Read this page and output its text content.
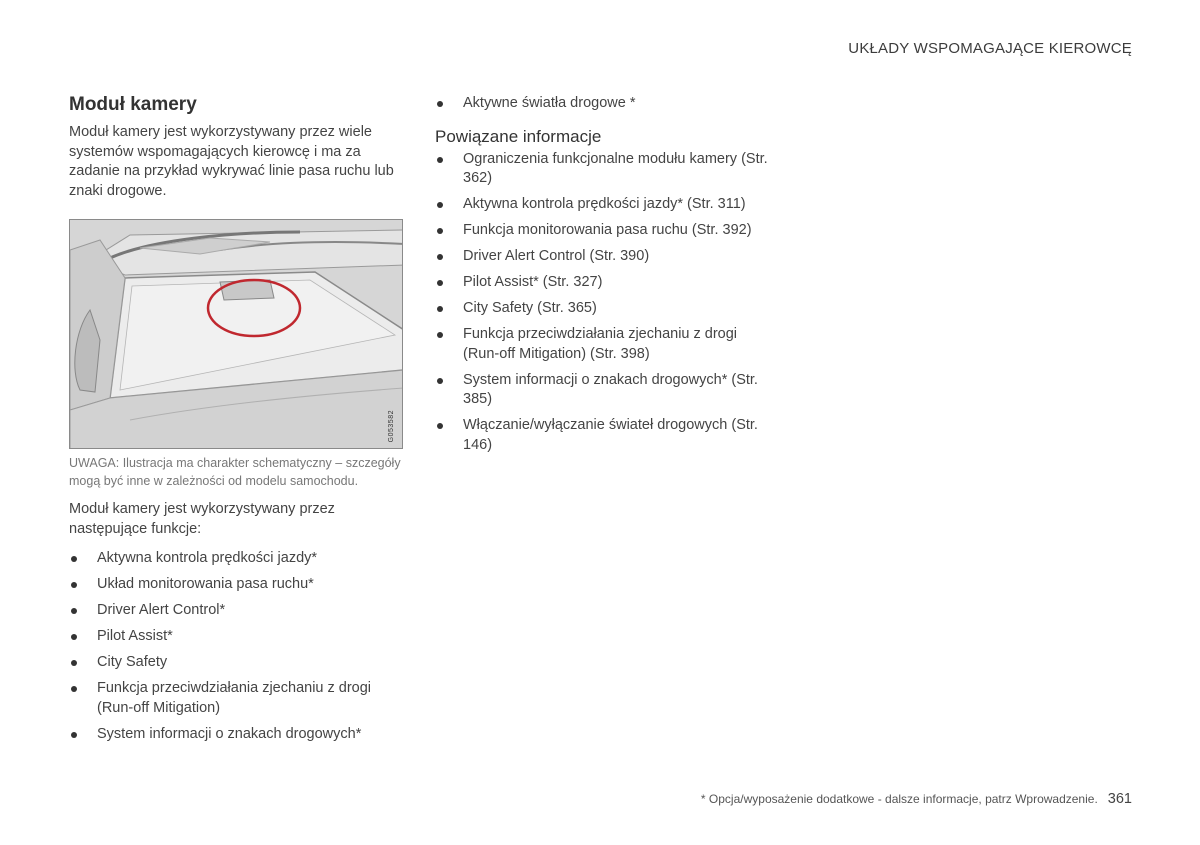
UKŁADY WSPOMAGAJĄCE KIEROWCĘ
Moduł kamery

Moduł kamery jest wykorzystywany przez wiele systemów wspomagających kierowcę i ma za zadanie na przykład wykrywać linie pasa ruchu lub znaki drogowe.

G053582

UWAGA: Ilustracja ma charakter schematyczny – szczegóły mogą być inne w zależności od modelu samochodu.

Moduł kamery jest wykorzystywany przez następujące funkcje:

Aktywna kontrola prędkości jazdy*
Układ monitorowania pasa ruchu*
Driver Alert Control*
Pilot Assist*
City Safety
Funkcja przeciwdziałania zjechaniu z drogi (Run-off Mitigation)
System informacji o znakach drogowych*
Aktywne światła drogowe *
Powiązane informacje
Ograniczenia funkcjonalne modułu kamery (Str. 362)
Aktywna kontrola prędkości jazdy* (Str. 311)
Funkcja monitorowania pasa ruchu (Str. 392)
Driver Alert Control (Str. 390)
Pilot Assist* (Str. 327)
City Safety (Str. 365)
Funkcja przeciwdziałania zjechaniu z drogi (Run-off Mitigation) (Str. 398)
System informacji o znakach drogowych* (Str. 385)
Włączanie/wyłączanie świateł drogowych (Str. 146)
* Opcja/wyposażenie dodatkowe - dalsze informacje, patrz Wprowadzenie. 361
